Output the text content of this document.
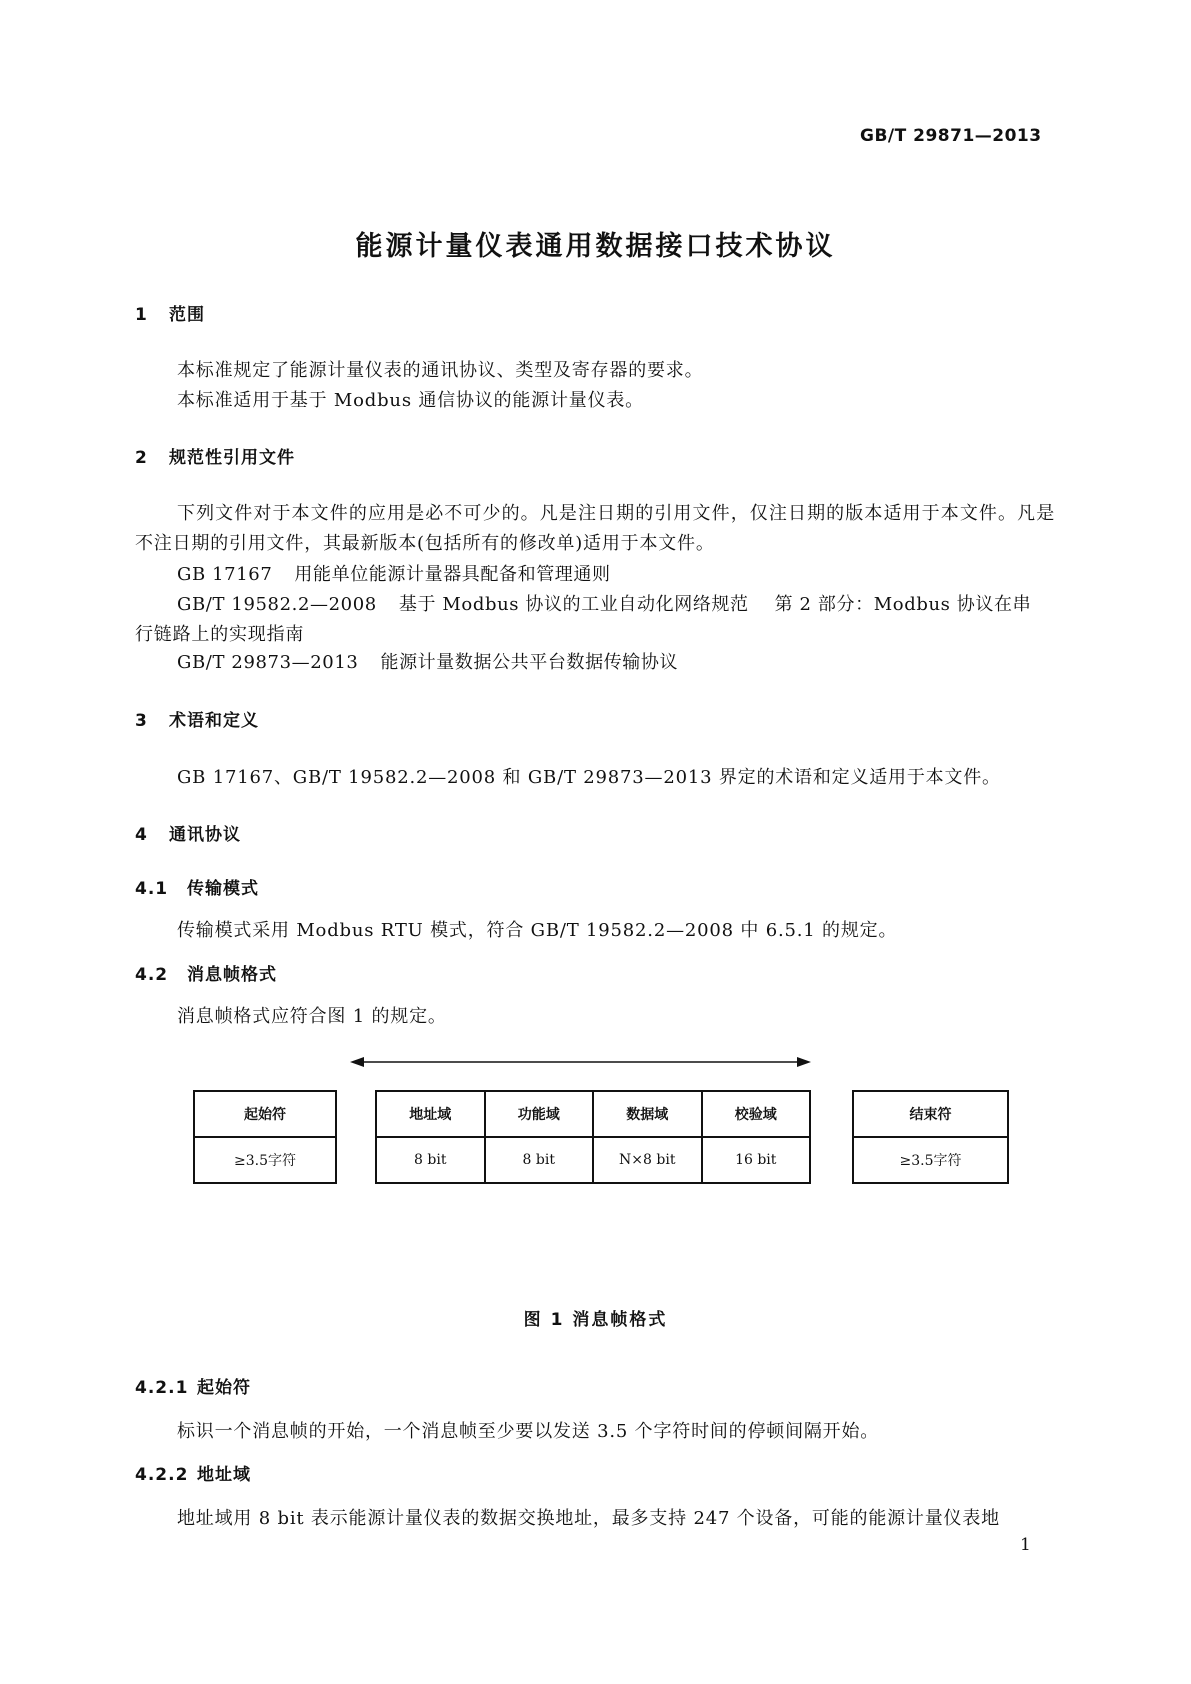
GB/T 29871—2013
能源计量仪表通用数据接口技术协议
1 范围
本标准规定了能源计量仪表的通讯协议、类型及寄存器的要求。
本标准适用于基于 Modbus 通信协议的能源计量仪表。
2 规范性引用文件
下列文件对于本文件的应用是必不可少的。凡是注日期的引用文件，仅注日期的版本适用于本文件。凡是不注日期的引用文件，其最新版本(包括所有的修改单)适用于本文件。
GB 17167 用能单位能源计量器具配备和管理通则
GB/T 19582.2—2008 基于 Modbus 协议的工业自动化网络规范 第 2 部分：Modbus 协议在串
行链路上的实现指南
GB/T 29873—2013 能源计量数据公共平台数据传输协议
3 术语和定义
GB 17167、GB/T 19582.2—2008 和 GB/T 29873—2013 界定的术语和定义适用于本文件。
4 通讯协议
4.1 传输模式
传输模式采用 Modbus RTU 模式，符合 GB/T 19582.2—2008 中 6.5.1 的规定。
4.2 消息帧格式
消息帧格式应符合图 1 的规定。
起始符
≥3.5字符
地址域
8 bit
功能域
8 bit
数据域
N×8 bit
校验域
16 bit
结束符
≥3.5字符
图 1 消息帧格式
4.2.1 起始符
标识一个消息帧的开始，一个消息帧至少要以发送 3.5 个字符时间的停顿间隔开始。
4.2.2 地址域
地址域用 8 bit 表示能源计量仪表的数据交换地址，最多支持 247 个设备，可能的能源计量仪表地
1
